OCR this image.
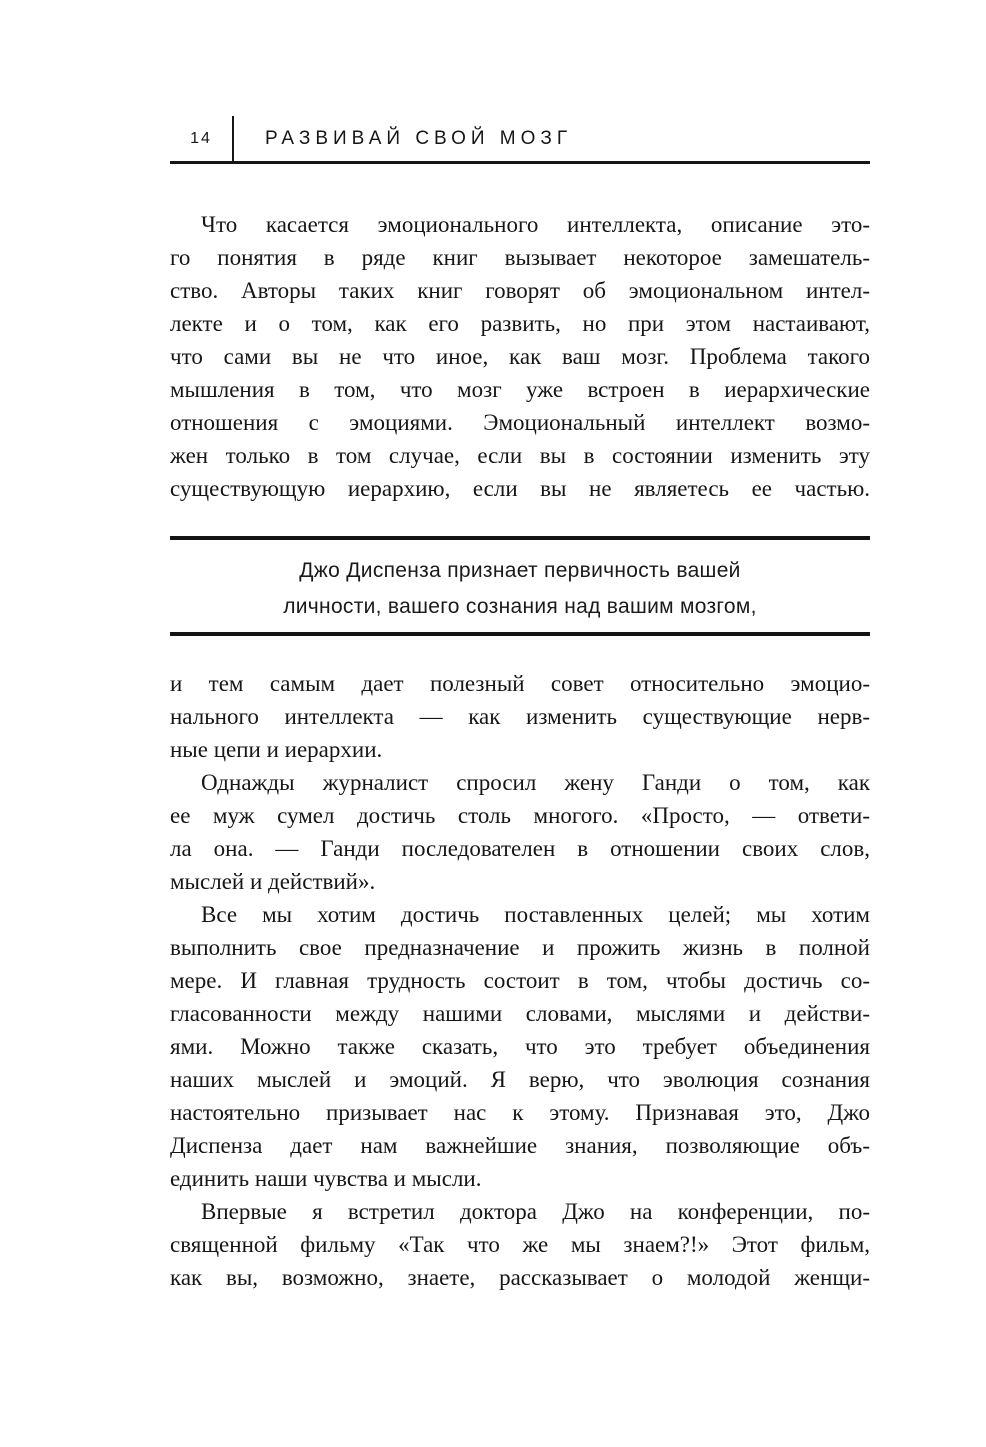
14	РАЗВИВАЙ СВОЙ МОЗГ
Что касается эмоционального интеллекта, описание это-
го понятия в ряде книг вызывает некоторое замешатель-
ство. Авторы таких книг говорят об эмоциональном интел-
лекте и о том, как его развить, но при этом настаивают,
что сами вы не что иное, как ваш мозг. Проблема такого
мышления в том, что мозг уже встроен в иерархические
отношения с эмоциями. Эмоциональный интеллект возмо-
жен только в том случае, если вы в состоянии изменить эту
существующую иерархию, если вы не являетесь ее частью.
Джо Диспенза признает первичность вашей
личности, вашего сознания над вашим мозгом,
и тем самым дает полезный совет относительно эмоцио-
нального интеллекта — как изменить существующие нерв-
ные цепи и иерархии.
Однажды журналист спросил жену Ганди о том, как
ее муж сумел достичь столь многого. «Просто, — ответи-
ла она. — Ганди последователен в отношении своих слов,
мыслей и действий».
Все мы хотим достичь поставленных целей; мы хотим
выполнить свое предназначение и прожить жизнь в полной
мере. И главная трудность состоит в том, чтобы достичь со-
гласованности между нашими словами, мыслями и действи-
ями. Можно также сказать, что это требует объединения
наших мыслей и эмоций. Я верю, что эволюция сознания
настоятельно призывает нас к этому. Признавая это, Джо
Диспенза дает нам важнейшие знания, позволяющие объ-
единить наши чувства и мысли.
Впервые я встретил доктора Джо на конференции, по-
священной фильму «Так что же мы знаем?!» Этот фильм,
как вы, возможно, знаете, рассказывает о молодой женщи-
